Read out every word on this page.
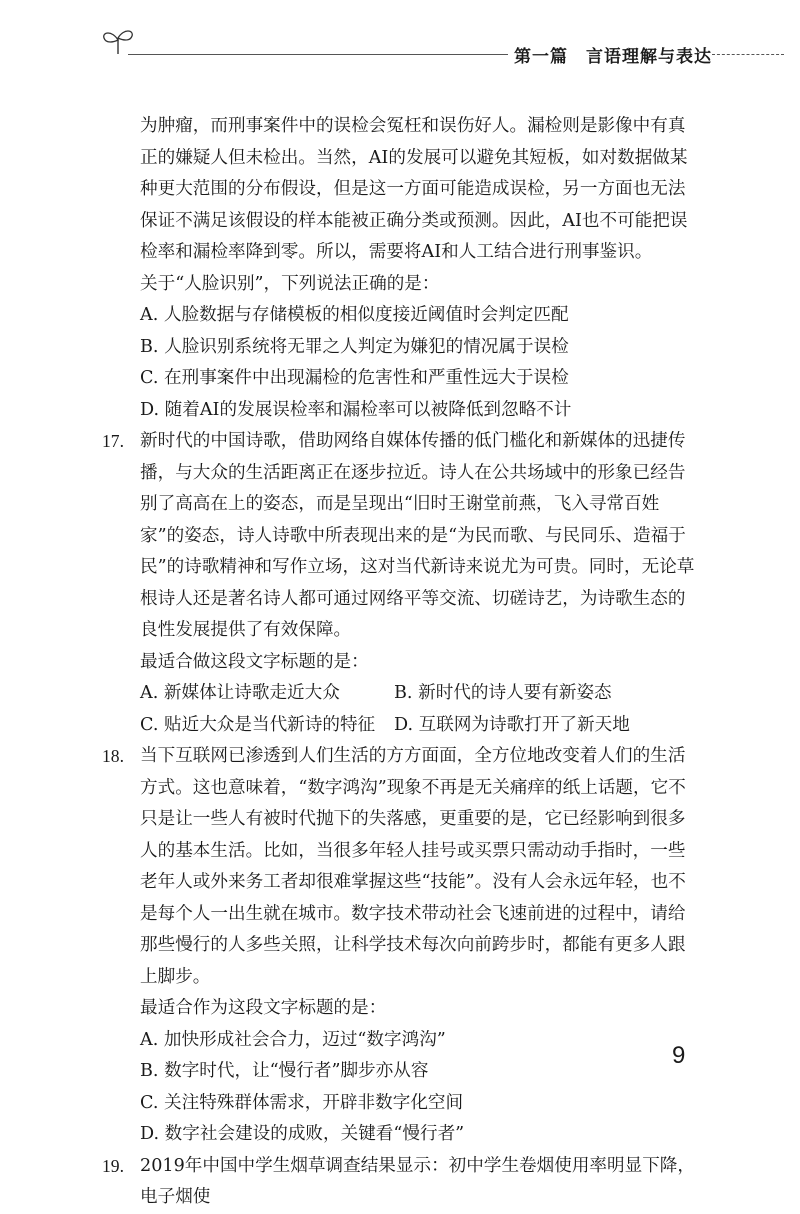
第一篇　言语理解与表达
为肿瘤，而刑事案件中的误检会冤枉和误伤好人。漏检则是影像中有真正的嫌疑人但未检出。当然，AI的发展可以避免其短板，如对数据做某种更大范围的分布假设，但是这一方面可能造成误检，另一方面也无法保证不满足该假设的样本能被正确分类或预测。因此，AI也不可能把误检率和漏检率降到零。所以，需要将AI和人工结合进行刑事鉴识。
关于“人脸识别”，下列说法正确的是：
A. 人脸数据与存储模板的相似度接近阈值时会判定匹配
B. 人脸识别系统将无罪之人判定为嫌犯的情况属于误检
C. 在刑事案件中出现漏检的危害性和严重性远大于误检
D. 随着AI的发展误检率和漏检率可以被降低到忽略不计
17. 新时代的中国诗歌，借助网络自媒体传播的低门槛化和新媒体的迅捷传播，与大众的生活距离正在逐步拉近。诗人在公共场域中的形象已经告别了高高在上的姿态，而是呈现出“旧时王谢堂前燕，飞入寻常百姓家”的姿态，诗人诗歌中所表现出来的是“为民而歌、与民同乐、造福于民”的诗歌精神和写作立场，这对当代新诗来说尤为可贵。同时，无论草根诗人还是著名诗人都可通过网络平等交流、切磋诗艺，为诗歌生态的良性发展提供了有效保障。
最适合做这段文字标题的是：
A. 新媒体让诗歌走近大众	B. 新时代的诗人要有新姿态
C. 贴近大众是当代新诗的特征	D. 互联网为诗歌打开了新天地
18. 当下互联网已渗透到人们生活的方方面面，全方位地改变着人们的生活方式。这也意味着，“数字鸿沟”现象不再是无关痛痒的纸上话题，它不只是让一些人有被时代抛下的失落感，更重要的是，它已经影响到很多人的基本生活。比如，当很多年轻人挂号或买票只需动动手指时，一些老年人或外来务工者却很难掌握这些“技能”。没有人会永远年轻，也不是每个人一出生就在城市。数字技术带动社会飞速前进的过程中，请给那些慢行的人多些关照，让科学技术每次向前跨步时，都能有更多人跟上脚步。
最适合作为这段文字标题的是：
A. 加快形成社会合力，迈过“数字鸿沟”
B. 数字时代，让“慢行者”脚步亦从容
C. 关注特殊群体需求，开辟非数字化空间
D. 数字社会建设的成败，关键看“慢行者”
19. 2019年中国中学生烟草调查结果显示：初中学生卷烟使用率明显下降，电子烟使
9
